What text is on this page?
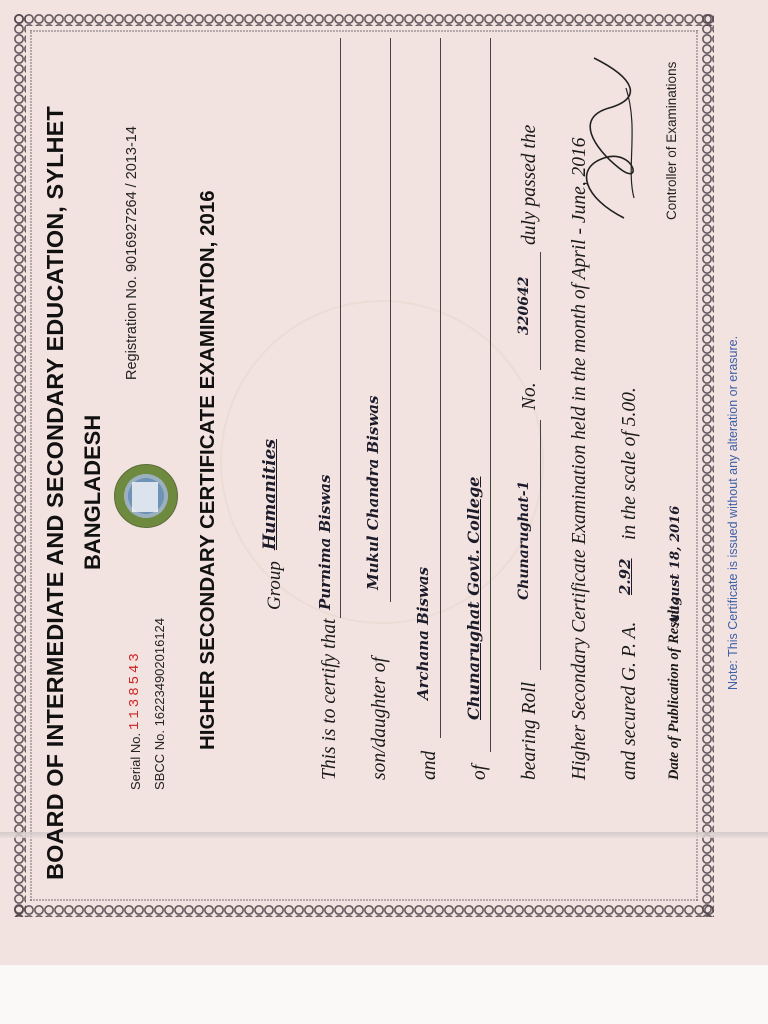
BOARD OF INTERMEDIATE AND SECONDARY EDUCATION, SYLHET BANGLADESH
Registration No. 9016927264 / 2013-14
Serial No.
1138543 SBCC No. 162234902016124 HIGHER SECONDARY CERTIFICATE EXAMINATION, 2016 Group
Humanities
This is to certify that
Purnima Biswas
son/daughter of
Mukul Chandra Biswas
and
Archana Biswas
of
Chunarughat Govt. College
bearing Roll
Chunarughat-1
No.
320642
duly passed the Higher Secondary Certificate Examination held in the month of April - June, 2016 and secured G. P. A.
2.92
in the scale of 5.00.
Date of Publication of Result :
August 18, 2016
Controller of Examinations
Note: This Certificate is issued without any alteration or erasure.
